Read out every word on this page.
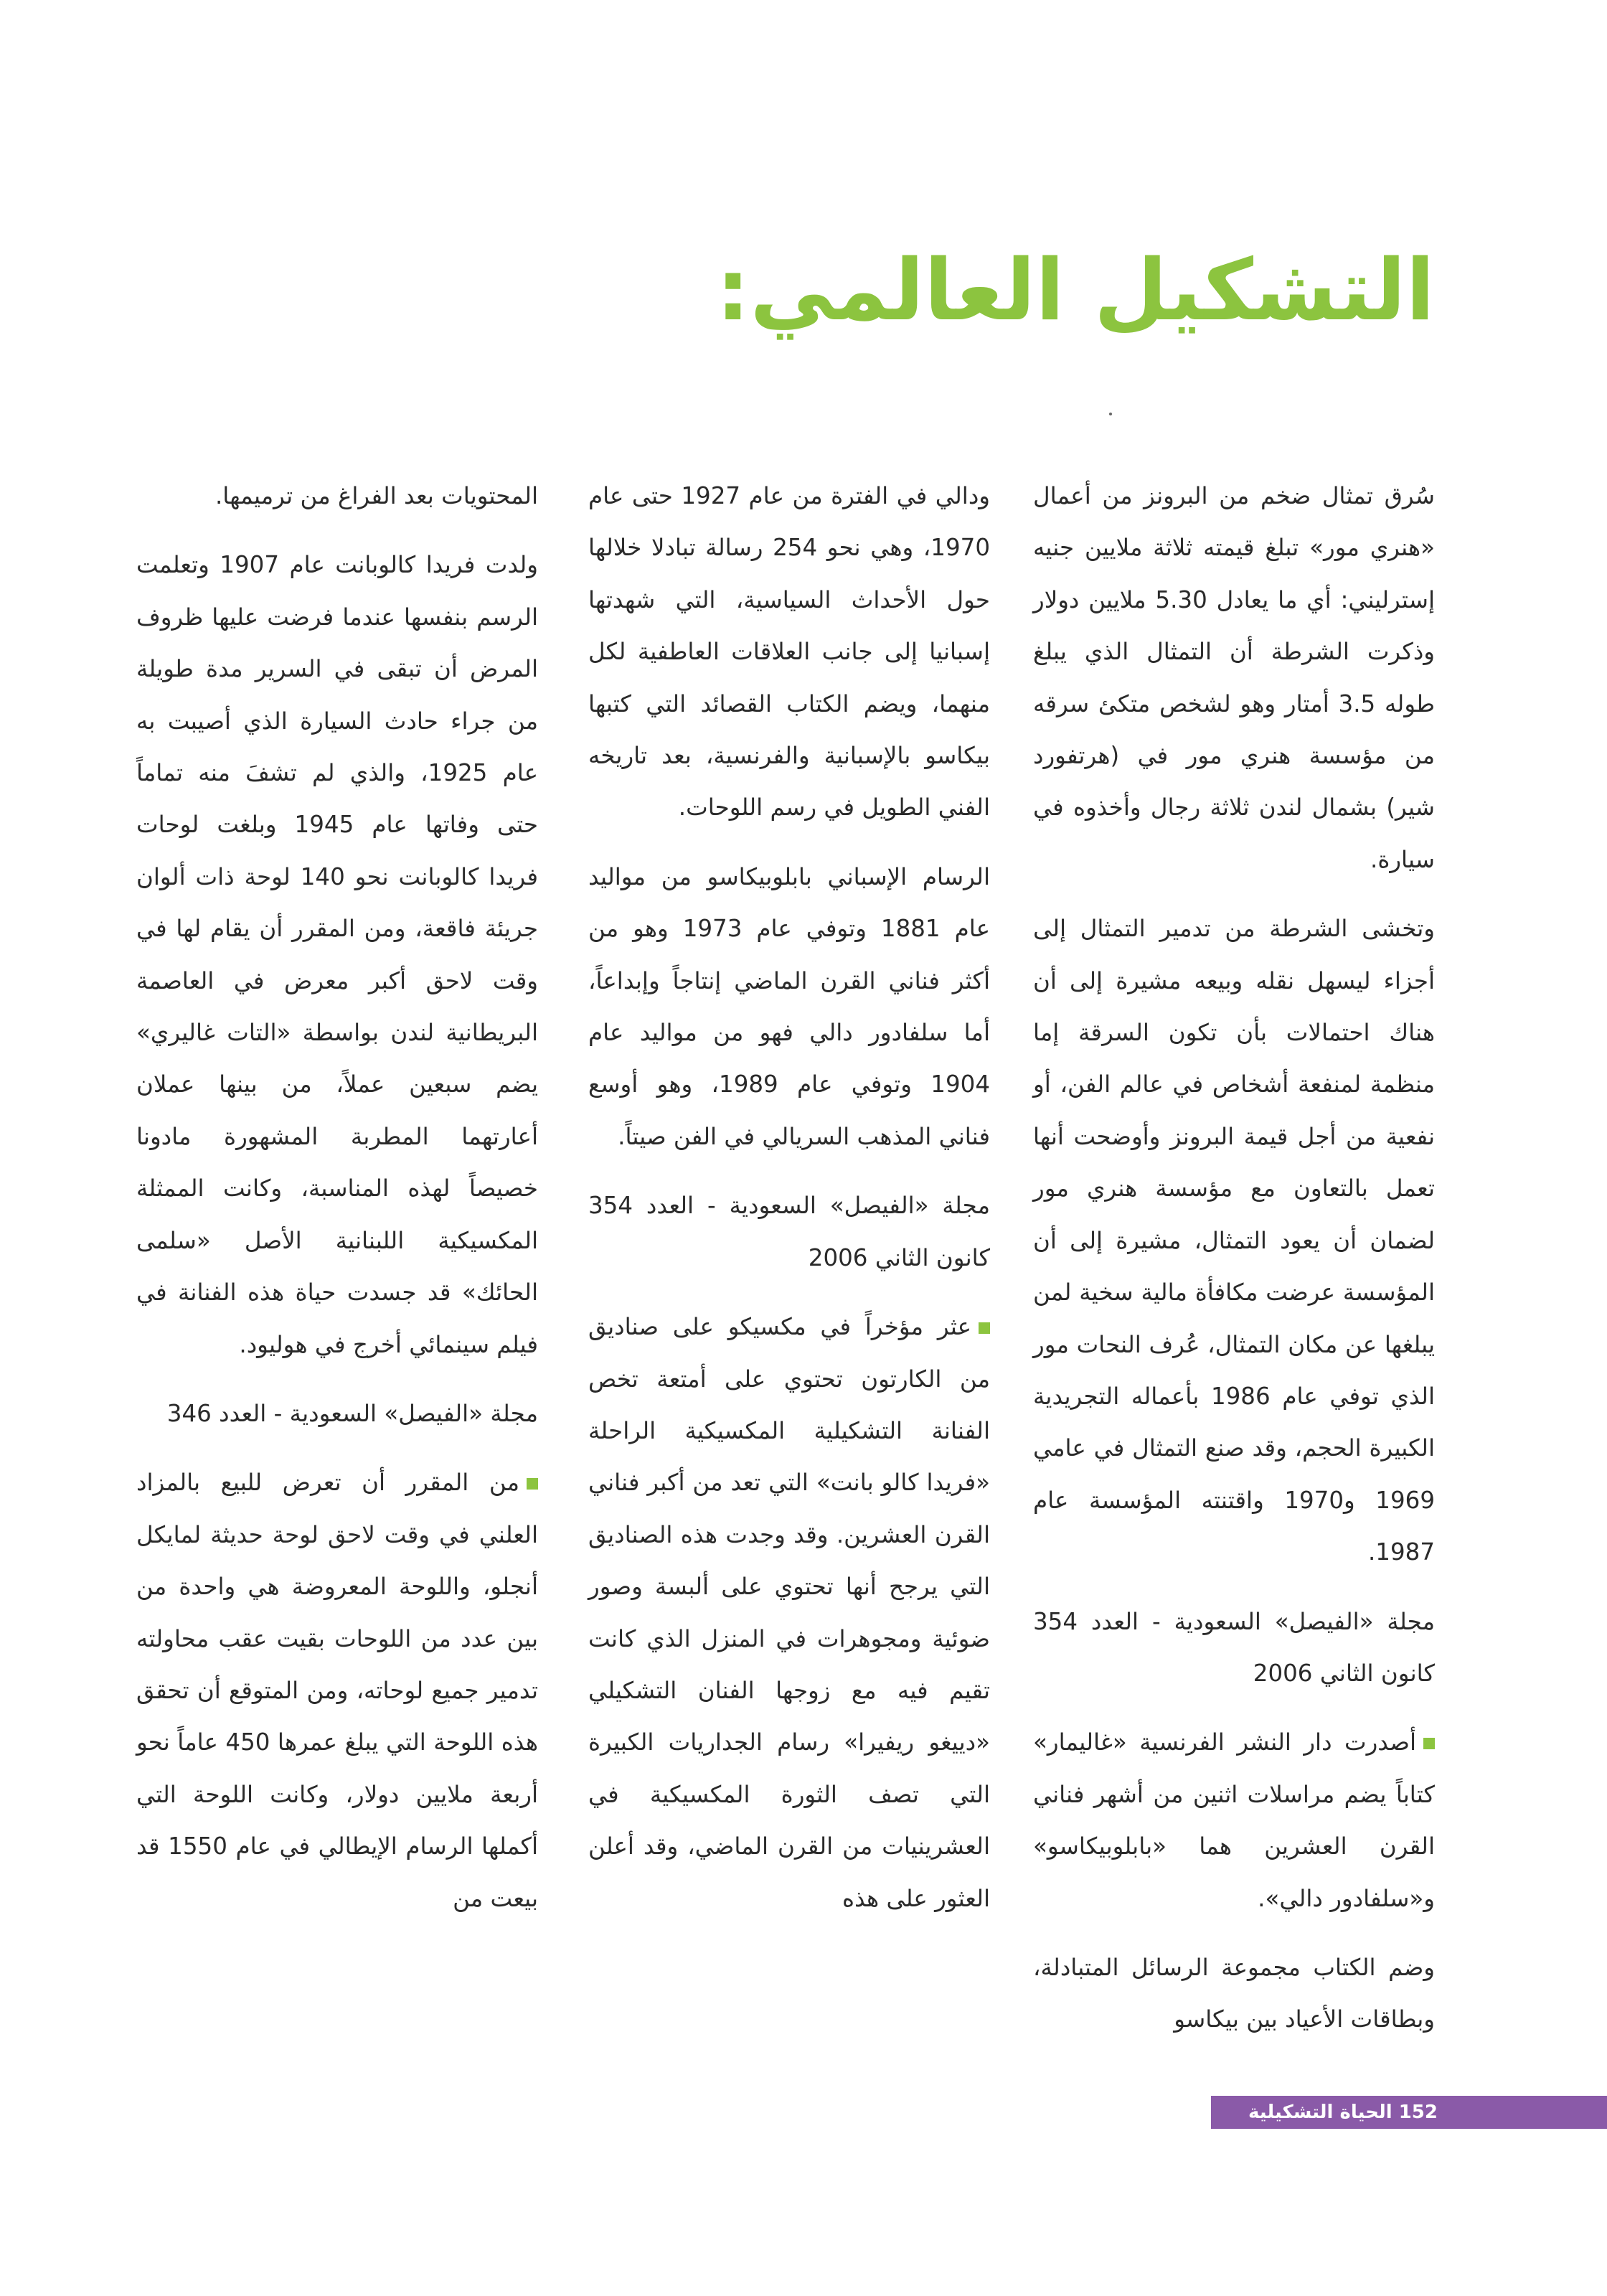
التشكيل العالمي:

سُرق تمثال ضخم من البرونز من أعمال «هنري مور» تبلغ قيمته ثلاثة ملايين جنيه إسترليني: أي ما يعادل 5.30 ملايين دولار وذكرت الشرطة أن التمثال الذي يبلغ طوله 3.5 أمتار وهو لشخص متكئ سرقه من مؤسسة هنري مور في (هرتفورد شير) بشمال لندن ثلاثة رجال وأخذوه في سيارة.

وتخشى الشرطة من تدمير التمثال إلى أجزاء ليسهل نقله وبيعه مشيرة إلى أن هناك احتمالات بأن تكون السرقة إما منظمة لمنفعة أشخاص في عالم الفن، أو نفعية من أجل قيمة البرونز وأوضحت أنها تعمل بالتعاون مع مؤسسة هنري مور لضمان أن يعود التمثال، مشيرة إلى أن المؤسسة عرضت مكافأة مالية سخية لمن يبلغها عن مكان التمثال، عُرف النحات مور الذي توفي عام 1986 بأعماله التجريدية الكبيرة الحجم، وقد صنع التمثال في عامي 1969 و1970 واقتنته المؤسسة عام 1987.

مجلة «الفيصل» السعودية - العدد 354 كانون الثاني 2006

أصدرت دار النشر الفرنسية «غاليمار» كتاباً يضم مراسلات اثنين من أشهر فناني القرن العشرين هما «بابلوبيكاسو» و«سلفادور دالي».

وضم الكتاب مجموعة الرسائل المتبادلة، وبطاقات الأعياد بين بيكاسو

ودالي في الفترة من عام 1927 حتى عام 1970، وهي نحو 254 رسالة تبادلا خلالها حول الأحداث السياسية، التي شهدتها إسبانيا إلى جانب العلاقات العاطفية لكل منهما، ويضم الكتاب القصائد التي كتبها بيكاسو بالإسبانية والفرنسية، بعد تاريخه الفني الطويل في رسم اللوحات.

الرسام الإسباني بابلوبيكاسو من مواليد عام 1881 وتوفي عام 1973 وهو من أكثر فناني القرن الماضي إنتاجاً وإبداعاً، أما سلفادور دالي فهو من مواليد عام 1904 وتوفي عام 1989، وهو أوسع فناني المذهب السريالي في الفن صيتاً.

مجلة «الفيصل» السعودية - العدد 354 كانون الثاني 2006

عثر مؤخراً في مكسيكو على صناديق من الكارتون تحتوي على أمتعة تخص الفنانة التشكيلية المكسيكية الراحلة «فريدا كالو بانت» التي تعد من أكبر فناني القرن العشرين. وقد وجدت هذه الصناديق التي يرجح أنها تحتوي على ألبسة وصور ضوئية ومجوهرات في المنزل الذي كانت تقيم فيه مع زوجها الفنان التشكيلي «دييغو ريفيرا» رسام الجداريات الكبيرة التي تصف الثورة المكسيكية في العشرينيات من القرن الماضي، وقد أعلن العثور على هذه

المحتويات بعد الفراغ من ترميمها.

ولدت فريدا كالوبانت عام 1907 وتعلمت الرسم بنفسها عندما فرضت عليها ظروف المرض أن تبقى في السرير مدة طويلة من جراء حادث السيارة الذي أصيبت به عام 1925، والذي لم تشفَ منه تماماً حتى وفاتها عام 1945 وبلغت لوحات فريدا كالوبانت نحو 140 لوحة ذات ألوان جريئة فاقعة، ومن المقرر أن يقام لها في وقت لاحق أكبر معرض في العاصمة البريطانية لندن بواسطة «التات غاليري» يضم سبعين عملاً، من بينها عملان أعارتهما المطربة المشهورة مادونا خصيصاً لهذه المناسبة، وكانت الممثلة المكسيكية اللبنانية الأصل «سلمى الحائك» قد جسدت حياة هذه الفنانة في فيلم سينمائي أخرج في هوليود.

مجلة «الفيصل» السعودية - العدد 346

من المقرر أن تعرض للبيع بالمزاد العلني في وقت لاحق لوحة حديثة لمايكل أنجلو، واللوحة المعروضة هي واحدة من بين عدد من اللوحات بقيت عقب محاولته تدمير جميع لوحاته، ومن المتوقع أن تحقق هذه اللوحة التي يبلغ عمرها 450 عاماً نحو أربعة ملايين دولار، وكانت اللوحة التي أكملها الرسام الإيطالي في عام 1550 قد بيعت من

152 الحياة التشكيلية
